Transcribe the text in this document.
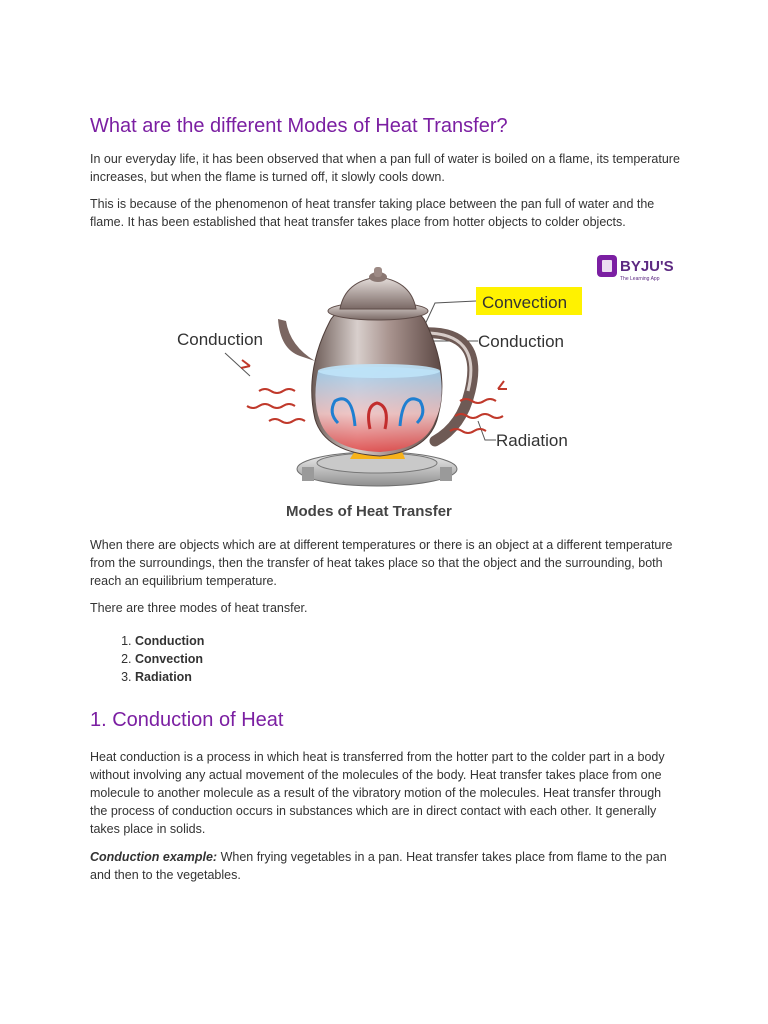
What are the different Modes of Heat Transfer?

In our everyday life, it has been observed that when a pan full of water is boiled on a flame, its temperature increases, but when the flame is turned off, it slowly cools down.

This is because of the phenomenon of heat transfer taking place between the pan full of water and the flame. It has been established that heat transfer takes place from hotter objects to colder objects.

BYJU'S
The Learning App
Convection
Conduction	Conduction
Radiation
Modes of Heat Transfer

When there are objects which are at different temperatures or there is an object at a different temperature from the surroundings, then the transfer of heat takes place so that the object and the surrounding, both reach an equilibrium temperature.

There are three modes of heat transfer.

1. Conduction
2. Convection
3. Radiation
1. Conduction of Heat

Heat conduction is a process in which heat is transferred from the hotter part to the colder part in a body without involving any actual movement of the molecules of the body. Heat transfer takes place from one molecule to another molecule as a result of the vibratory motion of the molecules. Heat transfer through the process of conduction occurs in substances which are in direct contact with each other. It generally takes place in solids.

Conduction example: When frying vegetables in a pan. Heat transfer takes place from flame to the pan and then to the vegetables.
